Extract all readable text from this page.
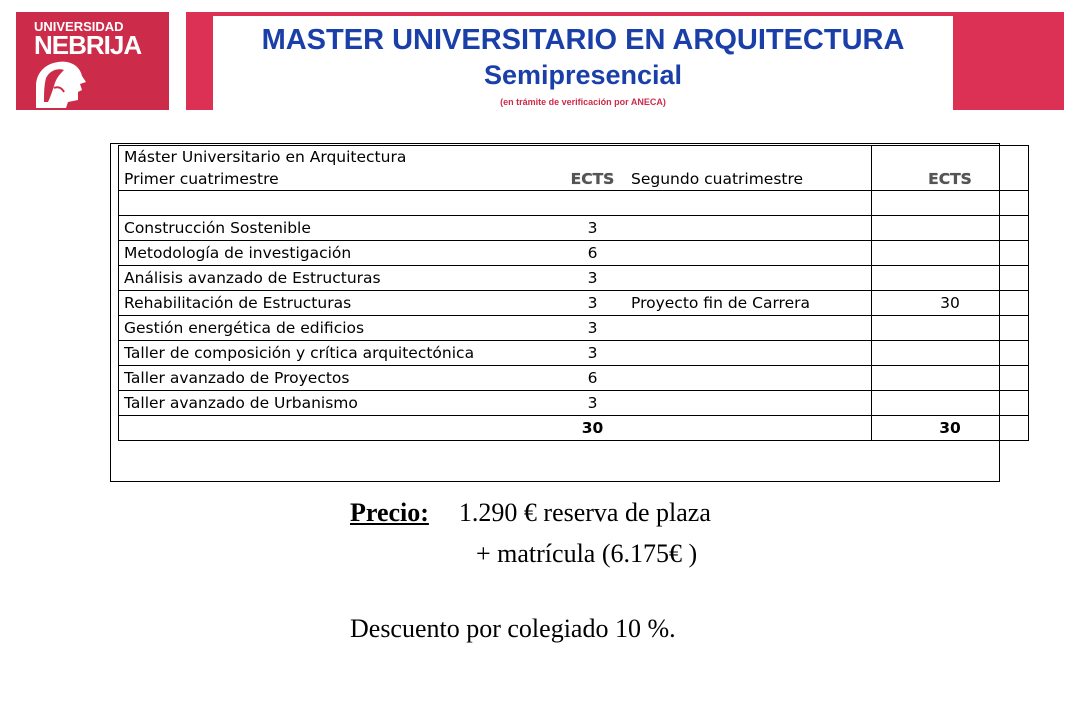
UNIVERSIDAD
NEBRIJA	MASTER UNIVERSITARIO EN ARQUITECTURA
Semipresencial
(en trámite de verificación por ANECA)
Máster Universitario en Arquitectura
Primer cuatrimestre	ECTS	Segundo cuatrimestre	ECTS

Construcción Sostenible	3		
Metodología de investigación	6		
Análisis avanzado de Estructuras	3		
Rehabilitación de Estructuras	3	Proyecto fin de Carrera	30
Gestión energética de edificios	3		
Taller de composición y crítica arquitectónica	3		
Taller avanzado de Proyectos	6		
Taller avanzado de Urbanismo	3		
	30		30
Precio: 1.290 € reserva de plaza
+ matrícula (6.175€ )
Descuento por colegiado 10 %.
